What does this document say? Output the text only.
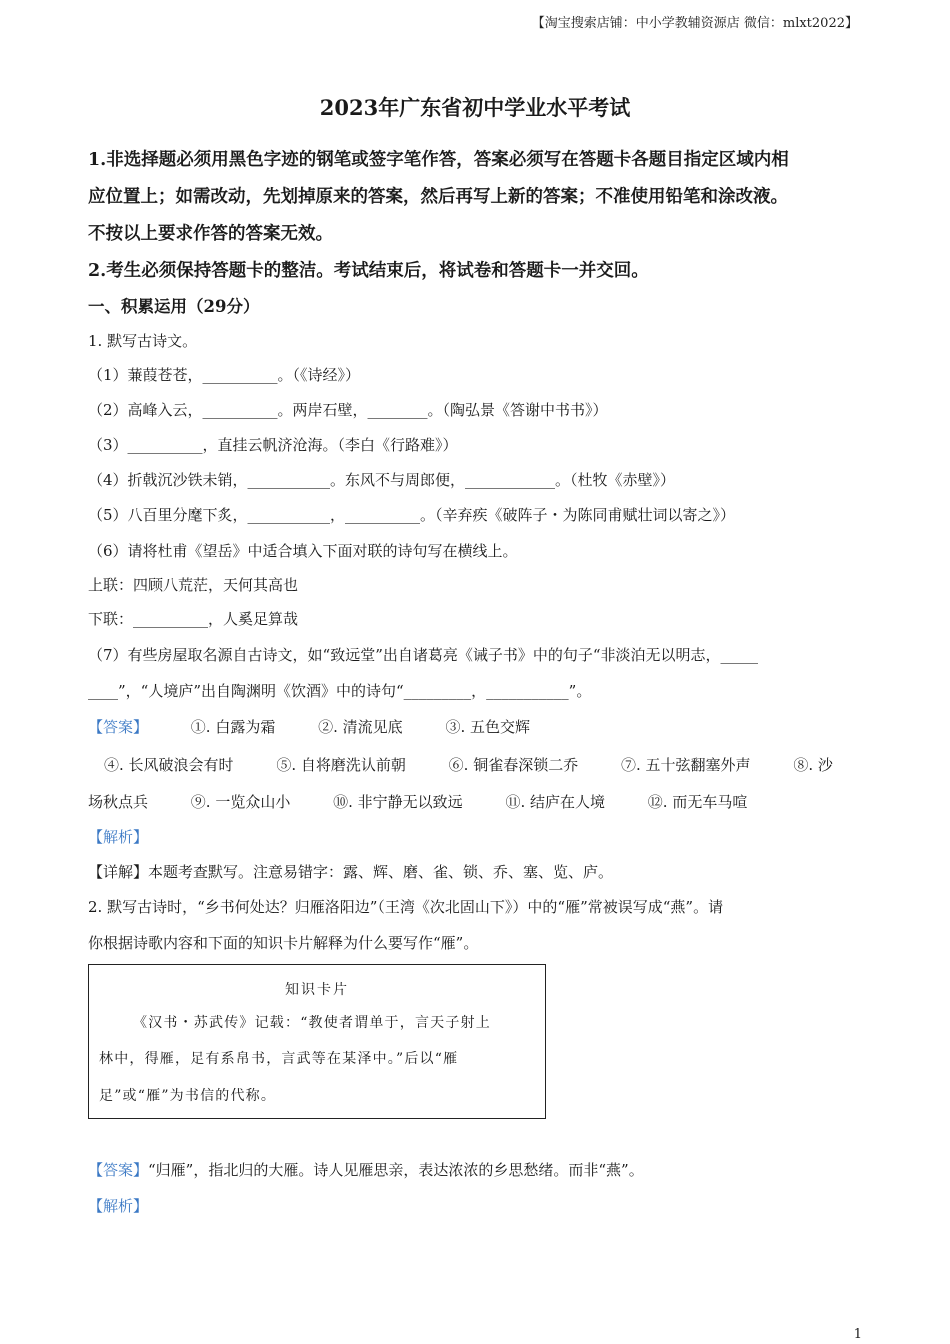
【淘宝搜索店铺：中小学教辅资源店 微信：mlxt2022】
2023年广东省初中学业水平考试
1.非选择题必须用黑色字迹的钢笔或签字笔作答，答案必须写在答题卡各题目指定区域内相
应位置上；如需改动，先划掉原来的答案，然后再写上新的答案；不准使用铅笔和涂改液。
不按以上要求作答的答案无效。
2.考生必须保持答题卡的整洁。考试结束后，将试卷和答题卡一并交回。
一、积累运用（29分）
1. 默写古诗文。
（1）蒹葭苍苍，__________。（《诗经》）
（2）高峰入云，__________。两岸石壁，________。（陶弘景《答谢中书书》）
（3）__________，直挂云帆济沧海。（李白《行路难》）
（4）折戟沉沙铁未销，___________。东风不与周郎便，____________。（杜牧《赤壁》）
（5）八百里分麾下炙，___________，__________。（辛弃疾《破阵子・为陈同甫赋壮词以寄之》）
（6）请将杜甫《望岳》中适合填入下面对联的诗句写在横线上。
上联：四顾八荒茫，天何其高也
下联：__________，人奚足算哉
（7）有些房屋取名源自古诗文，如“致远堂”出自诸葛亮《诫子书》中的句子“非淡泊无以明志，_____
____”，“人境庐”出自陶渊明《饮酒》中的诗句“_________，___________”。
【答案】	①. 白露为霜	②. 清流见底	③. 五色交辉
④. 长风破浪会有时	⑤. 自将磨洗认前朝	⑥. 铜雀春深锁二乔	⑦. 五十弦翻塞外声	⑧. 沙
场秋点兵	⑨. 一览众山小	⑩. 非宁静无以致远	⑪. 结庐在人境	⑫. 而无车马喧
【解析】
【详解】本题考查默写。注意易错字：露、辉、磨、雀、锁、乔、塞、览、庐。
2. 默写古诗时，“乡书何处达？归雁洛阳边”（王湾《次北固山下》）中的“雁”常被误写成“燕”。请
你根据诗歌内容和下面的知识卡片解释为什么要写作“雁”。
知识卡片
《汉书・苏武传》记载：“教使者谓单于，言天子射上
林中，得雁，足有系帛书，言武等在某泽中。”后以“雁
足”或“雁”为书信的代称。
【答案】“归雁”，指北归的大雁。诗人见雁思亲，表达浓浓的乡思愁绪。而非“燕”。
【解析】
1
